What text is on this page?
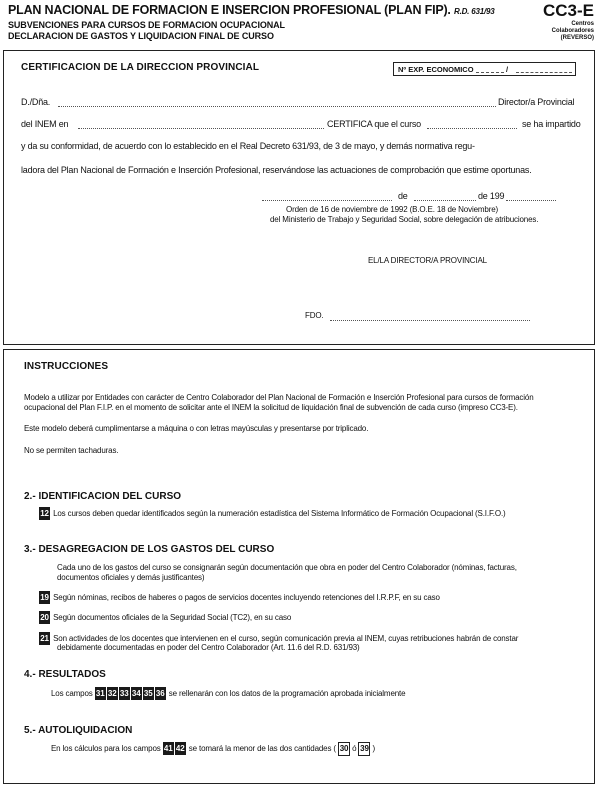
PLAN NACIONAL DE FORMACION E INSERCION PROFESIONAL (PLAN FIP). R.D. 631/93
SUBVENCIONES PARA CURSOS DE FORMACION OCUPACIONAL
DECLARACION DE GASTOS Y LIQUIDACION FINAL DE CURSO
CC3-E
Centros
Colaboradores
(REVERSO)
CERTIFICACION DE LA DIRECCION PROVINCIAL	Nº EXP. ECONOMICO	/
D./Dña.	Director/a Provincial
del INEM en	CERTIFICA que el curso	se ha impartido
y da su conformidad, de acuerdo con lo establecido en el Real Decreto 631/93, de 3 de mayo, y demás normativa regu-
ladora del Plan Nacional de Formación e Inserción Profesional, reservándose las actuaciones de comprobación que estime oportunas.
de	de 199
Orden de 16 de noviembre de 1992 (B.O.E. 18 de Noviembre)
del Ministerio de Trabajo y Seguridad Social, sobre delegación de atribuciones.
EL/LA DIRECTOR/A PROVINCIAL
FDO.
INSTRUCCIONES
Modelo a utilizar por Entidades con carácter de Centro Colaborador del Plan Nacional de Formación e Inserción Profesional para cursos de formación
ocupacional del Plan F.I.P. en el momento de solicitar ante el INEM la solicitud de liquidación final de subvención de cada curso (impreso CC3-E).
Este modelo deberá cumplimentarse a máquina o con letras mayúsculas y presentarse por triplicado.
No se permiten tachaduras.
2.- IDENTIFICACION DEL CURSO
12 Los cursos deben quedar identificados según la numeración estadística del Sistema Informático de Formación Ocupacional (S.I.F.O.)
3.- DESAGREGACION DE LOS GASTOS DEL CURSO
Cada uno de los gastos del curso se consignarán según documentación que obra en poder del Centro Colaborador (nóminas, facturas,
documentos oficiales y demás justificantes)
19 Según nóminas, recibos de haberes o pagos de servicios docentes incluyendo retenciones del I.R.P.F, en su caso
20 Según documentos oficiales de la Seguridad Social (TC2), en su caso
21 Son actividades de los docentes que intervienen en el curso, según comunicación previa al INEM, cuyas retribuciones habrán de constar
debidamente documentadas en poder del Centro Colaborador (Art. 11.6 del R.D. 631/93)
4.- RESULTADOS
Los campos 31 32 33 34 35 36 se rellenarán con los datos de la programación aprobada inicialmente
5.- AUTOLIQUIDACION
En los cálculos para los campos 41 42 se tomará la menor de las dos cantidades ( 30 ó 39 )
